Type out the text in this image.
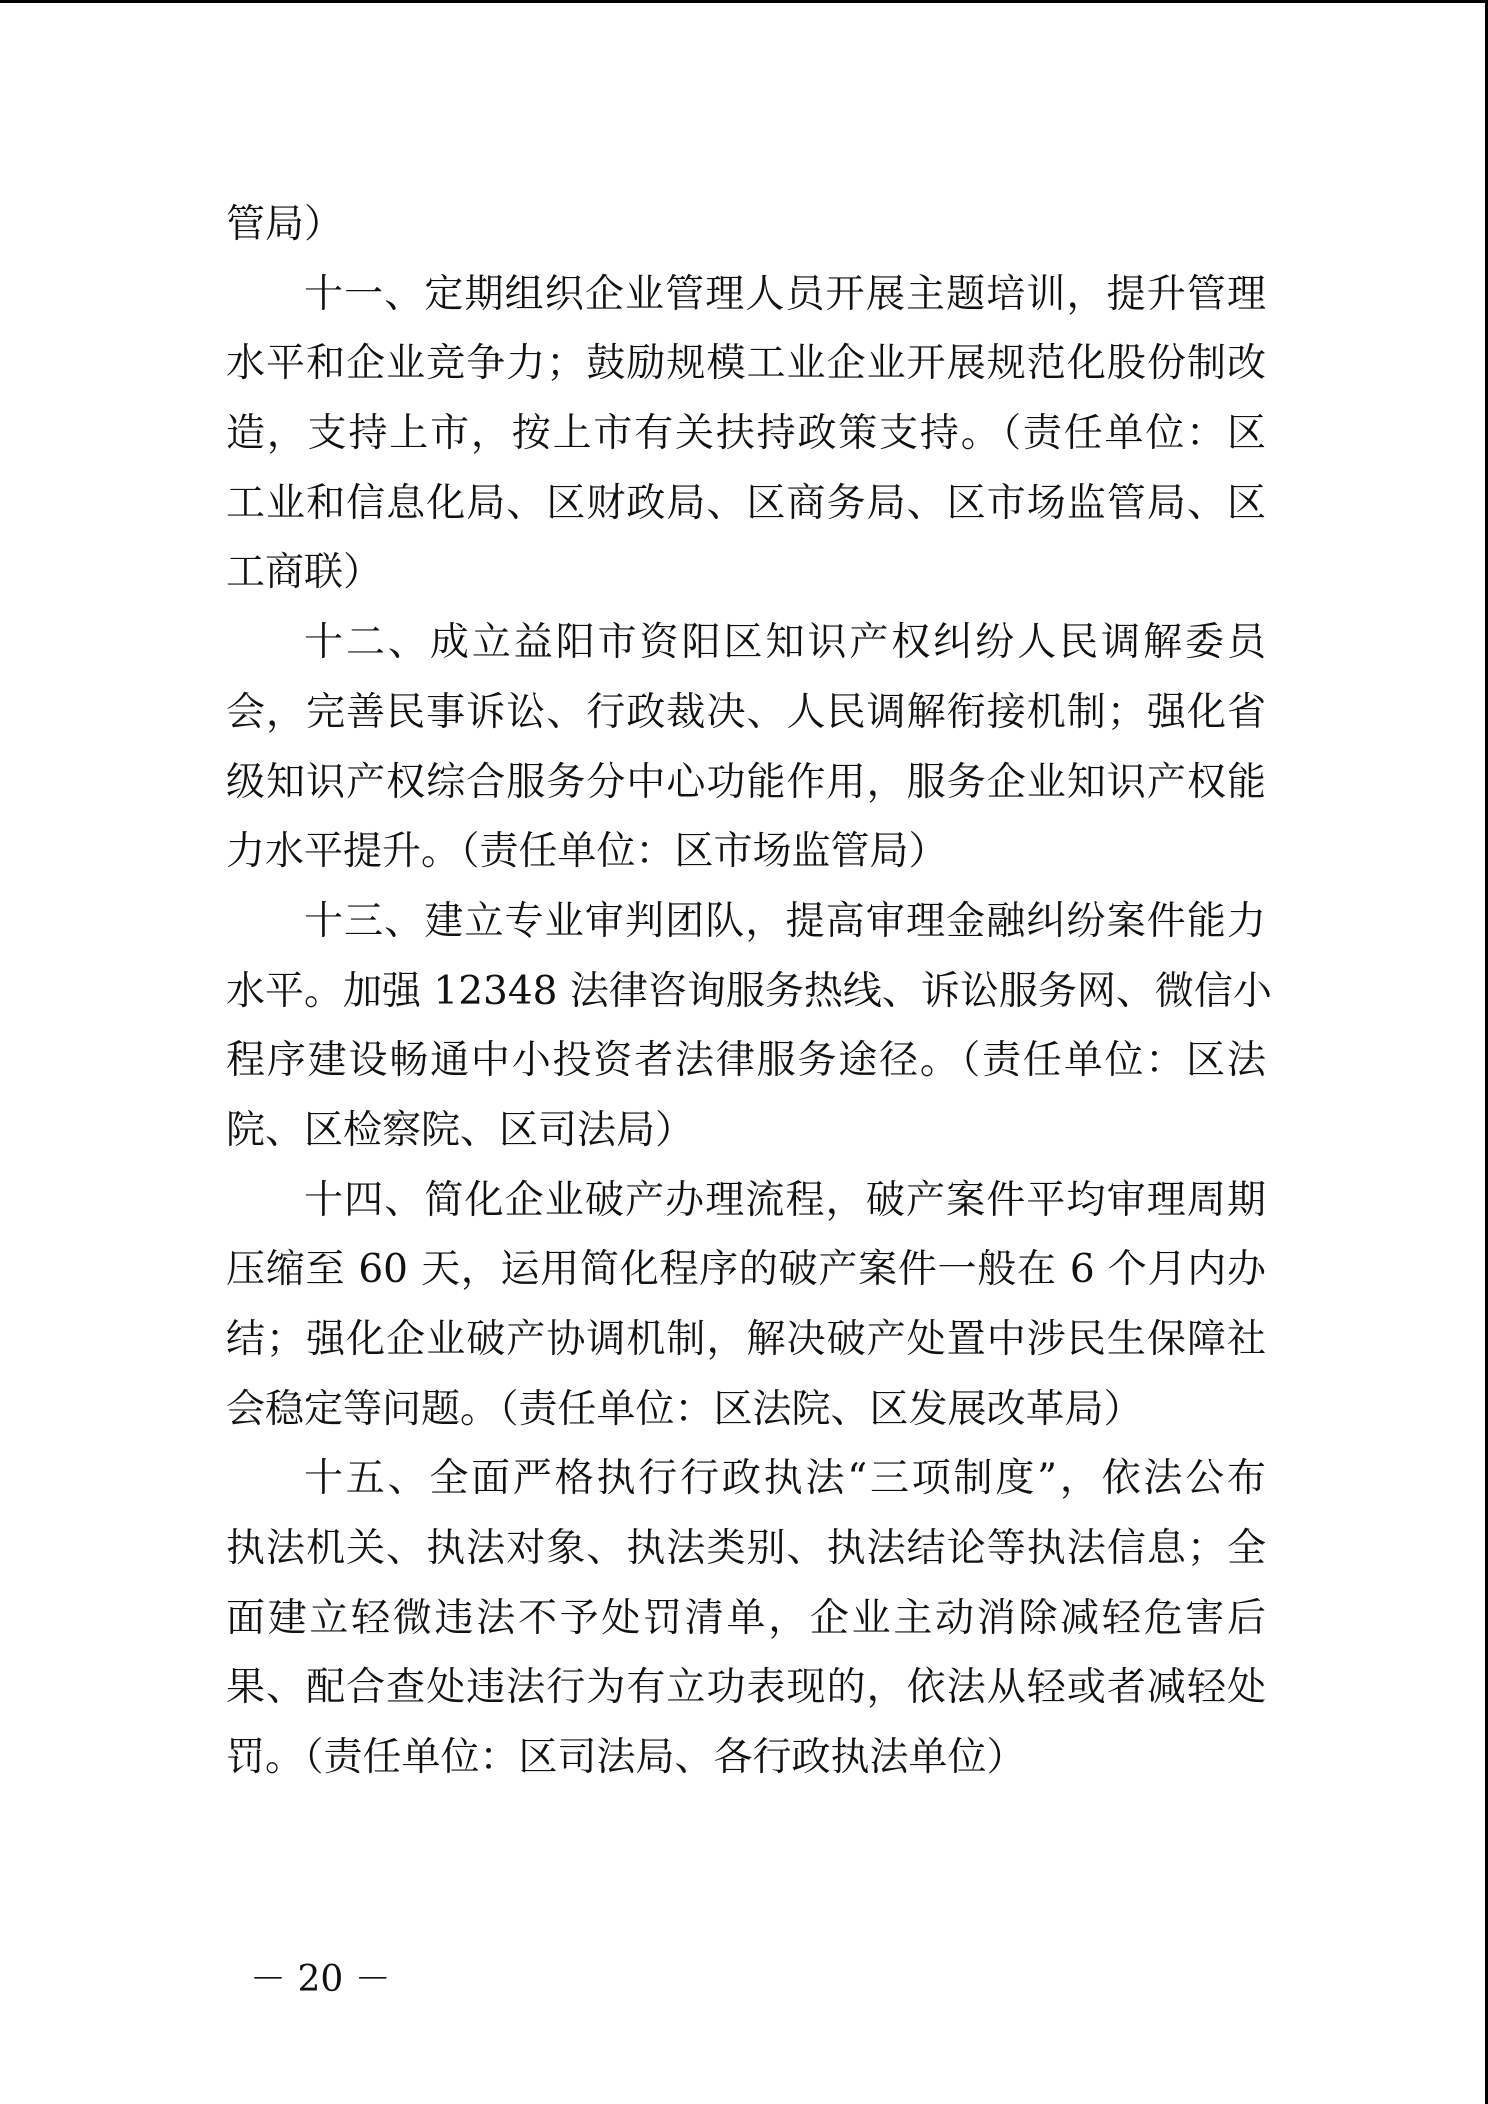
管局）
十一、定期组织企业管理人员开展主题培训，提升管理
水平和企业竞争力；鼓励规模工业企业开展规范化股份制改
造，支持上市，按上市有关扶持政策支持。（责任单位：区
工业和信息化局、区财政局、区商务局、区市场监管局、区
工商联）
十二、成立益阳市资阳区知识产权纠纷人民调解委员
会，完善民事诉讼、行政裁决、人民调解衔接机制；强化省
级知识产权综合服务分中心功能作用，服务企业知识产权能
力水平提升。（责任单位：区市场监管局）
十三、建立专业审判团队，提高审理金融纠纷案件能力
水平。加强 12348 法律咨询服务热线、诉讼服务网、微信小
程序建设畅通中小投资者法律服务途径。（责任单位：区法
院、区检察院、区司法局）
十四、简化企业破产办理流程，破产案件平均审理周期
压缩至 60 天，运用简化程序的破产案件一般在 6 个月内办
结；强化企业破产协调机制，解决破产处置中涉民生保障社
会稳定等问题。（责任单位：区法院、区发展改革局）
十五、全面严格执行行政执法“三项制度”，依法公布
执法机关、执法对象、执法类别、执法结论等执法信息；全
面建立轻微违法不予处罚清单，企业主动消除减轻危害后
果、配合查处违法行为有立功表现的，依法从轻或者减轻处
罚。（责任单位：区司法局、各行政执法单位）
－ 20 －
